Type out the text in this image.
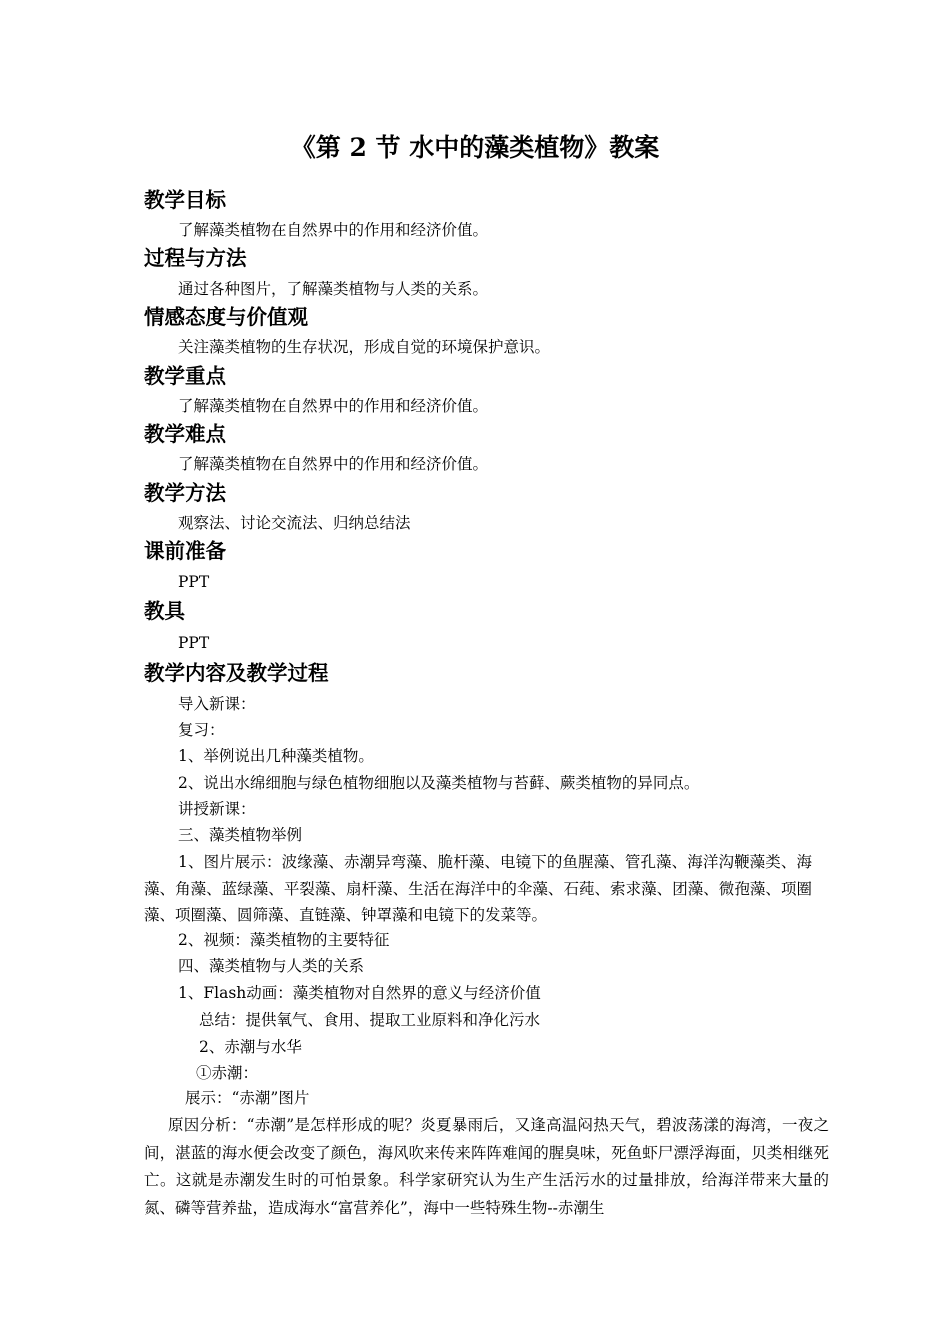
《第 2 节 水中的藻类植物》教案
教学目标
了解藻类植物在自然界中的作用和经济价值。
过程与方法
通过各种图片，了解藻类植物与人类的关系。
情感态度与价值观
关注藻类植物的生存状况，形成自觉的环境保护意识。
教学重点
了解藻类植物在自然界中的作用和经济价值。
教学难点
了解藻类植物在自然界中的作用和经济价值。
教学方法
观察法、讨论交流法、归纳总结法
课前准备
PPT
教具
PPT
教学内容及教学过程
导入新课：
复习：
1、举例说出几种藻类植物。
2、说出水绵细胞与绿色植物细胞以及藻类植物与苔藓、蕨类植物的异同点。
讲授新课：
三、藻类植物举例
1、图片展示：波缘藻、赤潮异弯藻、脆杆藻、电镜下的鱼腥藻、管孔藻、海洋沟鞭藻类、海藻、角藻、蓝绿藻、平裂藻、扇杆藻、生活在海洋中的伞藻、石莼、索求藻、团藻、微孢藻、项圈藻、项圈藻、圆筛藻、直链藻、钟罩藻和电镜下的发菜等。
2、视频：藻类植物的主要特征
四、藻类植物与人类的关系
1、Flash动画：藻类植物对自然界的意义与经济价值
总结：提供氧气、食用、提取工业原料和净化污水
2、赤潮与水华
①赤潮：
展示：“赤潮”图片
原因分析：“赤潮”是怎样形成的呢？炎夏暴雨后，又逢高温闷热天气，碧波荡漾的海湾，一夜之间，湛蓝的海水便会改变了颜色，海风吹来传来阵阵难闻的腥臭味，死鱼虾尸漂浮海面，贝类相继死亡。这就是赤潮发生时的可怕景象。科学家研究认为生产生活污水的过量排放，给海洋带来大量的氮、磷等营养盐，造成海水“富营养化”，海中一些特殊生物--赤潮生
